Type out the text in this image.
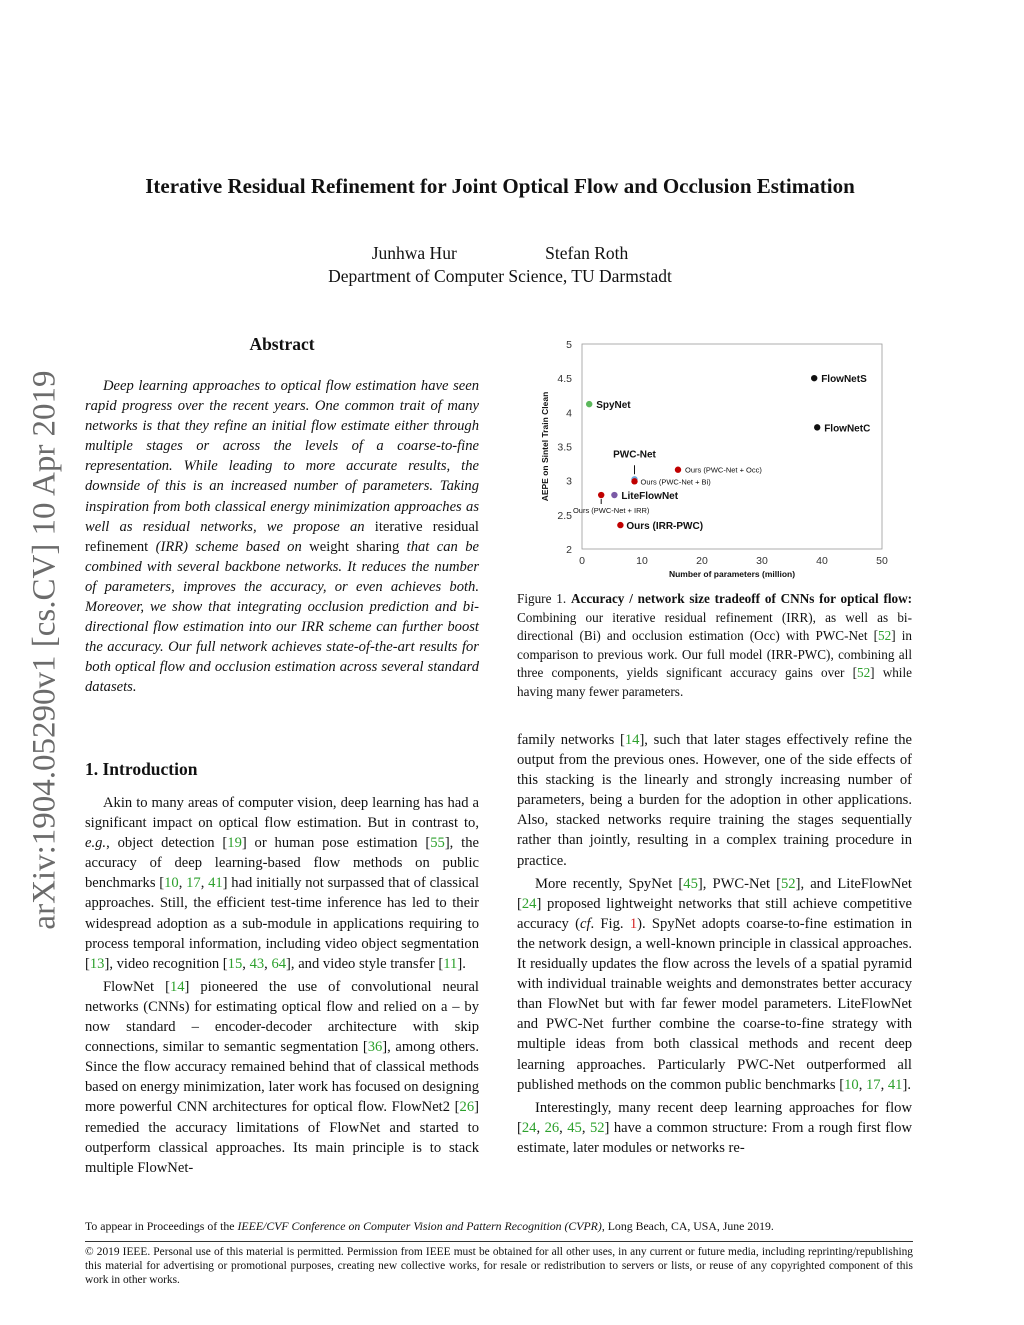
Iterative Residual Refinement for Joint Optical Flow and Occlusion Estimation
Junhwa Hur	Stefan Roth
Department of Computer Science, TU Darmstadt
arXiv:1904.05290v1 [cs.CV] 10 Apr 2019
Abstract

Deep learning approaches to optical flow estimation have seen rapid progress over the recent years. One common trait of many networks is that they refine an initial flow estimate either through multiple stages or across the levels of a coarse-to-fine representation. While leading to more accurate results, the downside of this is an increased number of parameters. Taking inspiration from both classical energy minimization approaches as well as residual networks, we propose an iterative residual refinement (IRR) scheme based on weight sharing that can be combined with several backbone networks. It reduces the number of parameters, improves the accuracy, or even achieves both. Moreover, we show that integrating occlusion prediction and bi-directional flow estimation into our IRR scheme can further boost the accuracy. Our full network achieves state-of-the-art results for both optical flow and occlusion estimation across several standard datasets.

1. Introduction

Akin to many areas of computer vision, deep learning has had a significant impact on optical flow estimation. But in contrast to, e.g., object detection [19] or human pose estimation [55], the accuracy of deep learning-based flow methods on public benchmarks [10, 17, 41] had initially not surpassed that of classical approaches. Still, the efficient test-time inference has led to their widespread adoption as a sub-module in applications requiring to process temporal information, including video object segmentation [13], video recognition [15, 43, 64], and video style transfer [11].

FlowNet [14] pioneered the use of convolutional neural networks (CNNs) for estimating optical flow and relied on a – by now standard – encoder-decoder architecture with skip connections, similar to semantic segmentation [36], among others. Since the flow accuracy remained behind that of classical methods based on energy minimization, later work has focused on designing more powerful CNN architectures for optical flow. FlowNet2 [26] remedied the accuracy limitations of FlowNet and started to outperform classical approaches. Its main principle is to stack multiple FlowNet-

2
2.5
3
3.5
4
4.5
5
0	10	20	30	40	50
Number of parameters (million)
AEPE on Sintel Train Clean
FlowNetS
FlowNetC
SpyNet
PWC-Net
Ours (PWC-Net + Occ)
Ours (PWC-Net + Bi)
LiteFlowNet
Ours (PWC-Net + IRR)
Ours (IRR-PWC)
Figure 1. Accuracy / network size tradeoff of CNNs for optical flow: Combining our iterative residual refinement (IRR), as well as bi-directional (Bi) and occlusion estimation (Occ) with PWC-Net [52] in comparison to previous work. Our full model (IRR-PWC), combining all three components, yields significant accuracy gains over [52] while having many fewer parameters.

family networks [14], such that later stages effectively refine the output from the previous ones. However, one of the side effects of this stacking is the linearly and strongly increasing number of parameters, being a burden for the adoption in other applications. Also, stacked networks require training the stages sequentially rather than jointly, resulting in a complex training procedure in practice.

More recently, SpyNet [45], PWC-Net [52], and LiteFlowNet [24] proposed lightweight networks that still achieve competitive accuracy (cf. Fig. 1). SpyNet adopts coarse-to-fine estimation in the network design, a well-known principle in classical approaches. It residually updates the flow across the levels of a spatial pyramid with individual trainable weights and demonstrates better accuracy than FlowNet but with far fewer model parameters. LiteFlowNet and PWC-Net further combine the coarse-to-fine strategy with multiple ideas from both classical methods and recent deep learning approaches. Particularly PWC-Net outperformed all published methods on the common public benchmarks [10, 17, 41].

Interestingly, many recent deep learning approaches for flow [24, 26, 45, 52] have a common structure: From a rough first flow estimate, later modules or networks re-

To appear in Proceedings of the IEEE/CVF Conference on Computer Vision and Pattern Recognition (CVPR), Long Beach, CA, USA, June 2019.
© 2019 IEEE. Personal use of this material is permitted. Permission from IEEE must be obtained for all other uses, in any current or future media, including reprinting/republishing this material for advertising or promotional purposes, creating new collective works, for resale or redistribution to servers or lists, or reuse of any copyrighted component of this work in other works.
